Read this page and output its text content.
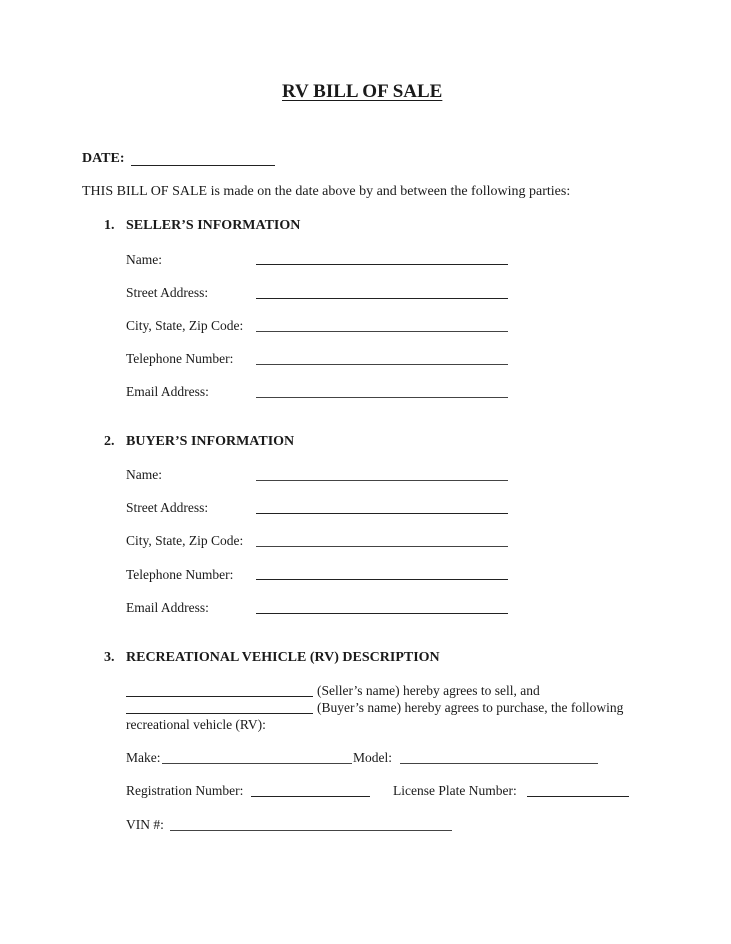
RV BILL OF SALE
DATE:
THIS BILL OF SALE is made on the date above by and between the following parties:
1. SELLER’S INFORMATION
Name:
Street Address:
City, State, Zip Code:
Telephone Number:
Email Address:
2. BUYER’S INFORMATION
Name:
Street Address:
City, State, Zip Code:
Telephone Number:
Email Address:
3. RECREATIONAL VEHICLE (RV) DESCRIPTION
(Seller’s name) hereby agrees to sell, and
(Buyer’s name) hereby agrees to purchase, the following
recreational vehicle (RV):
Make:	Model:
Registration Number:	License Plate Number:
VIN #:
